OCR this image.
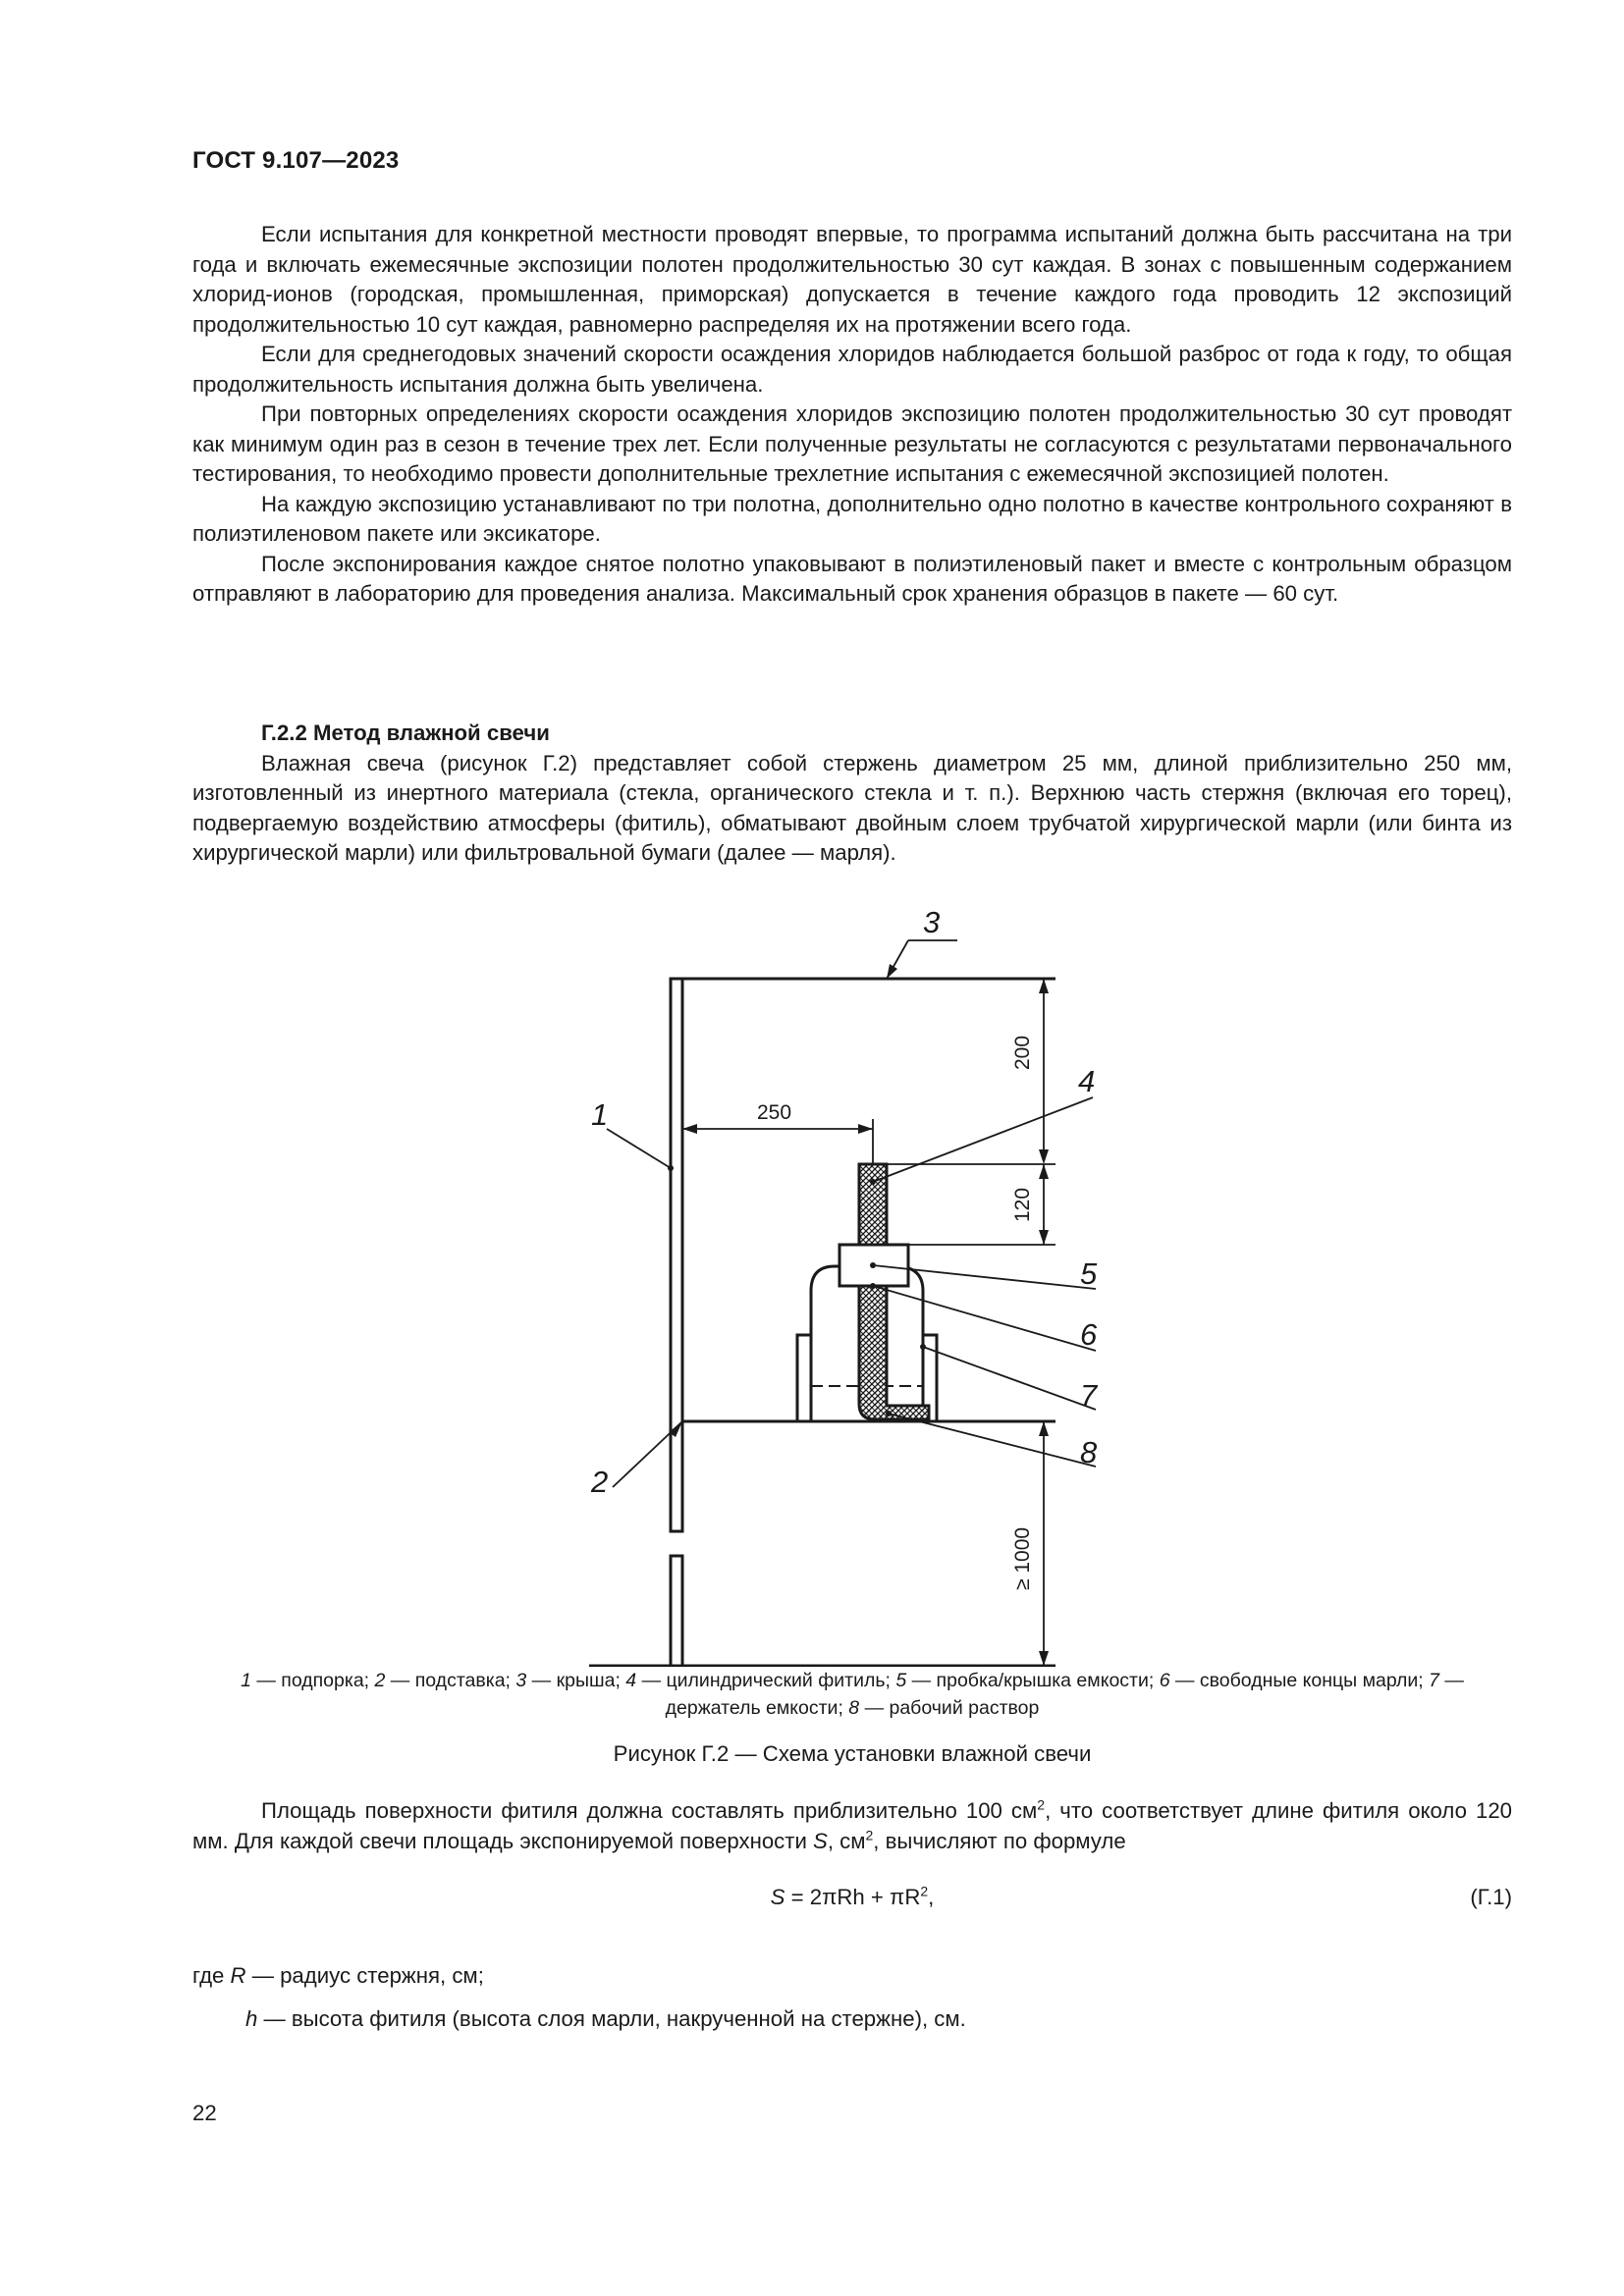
ГОСТ 9.107—2023

Если испытания для конкретной местности проводят впервые, то программа испытаний должна быть рассчитана на три года и включать ежемесячные экспозиции полотен продолжительностью 30 сут каждая. В зонах с повышенным содержанием хлорид-ионов (городская, промышленная, приморская) допускается в течение каждого года проводить 12 экспозиций продолжительностью 10 сут каждая, равномерно распределяя их на протяжении всего года.

Если для среднегодовых значений скорости осаждения хлоридов наблюдается большой разброс от года к году, то общая продолжительность испытания должна быть увеличена.

При повторных определениях скорости осаждения хлоридов экспозицию полотен продолжительностью 30 сут проводят как минимум один раз в сезон в течение трех лет. Если полученные результаты не согласуются с результатами первоначального тестирования, то необходимо провести дополнительные трехлетние испытания с ежемесячной экспозицией полотен.

На каждую экспозицию устанавливают по три полотна, дополнительно одно полотно в качестве контрольного сохраняют в полиэтиленовом пакете или эксикаторе.

После экспонирования каждое снятое полотно упаковывают в полиэтиленовый пакет и вместе с контрольным образцом отправляют в лабораторию для проведения анализа. Максимальный срок хранения образцов в пакете — 60 сут.

Г.2.2 Метод влажной свечи

Влажная свеча (рисунок Г.2) представляет собой стержень диаметром 25 мм, длиной приблизительно 250 мм, изготовленный из инертного материала (стекла, органического стекла и т. п.). Верхнюю часть стержня (включая его торец), подвергаемую воздействию атмосферы (фитиль), обматывают двойным слоем трубчатой хирургической марли (или бинта из хирургической марли) или фильтровальной бумаги (далее — марля).

250
200
120
≥ 1000
1
2
3
4
5
6
7
8
1 — подпорка; 2 — подставка; 3 — крыша; 4 — цилиндрический фитиль; 5 — пробка/крышка емкости; 6 — свободные концы марли; 7 — держатель емкости; 8 — рабочий раствор
Рисунок Г.2 — Схема установки влажной свечи

Площадь поверхности фитиля должна составлять приблизительно 100 $см^2$, что соответствует длине фитиля около 120 мм. Для каждой свечи площадь экспонируемой поверхности S, $см^2$, вычисляют по формуле

$S = 2\pi Rh + \pi R^2$,	(Г.1)
где R — радиус стержня, см;
h — высота фитиля (высота слоя марли, накрученной на стержне), см.
22
